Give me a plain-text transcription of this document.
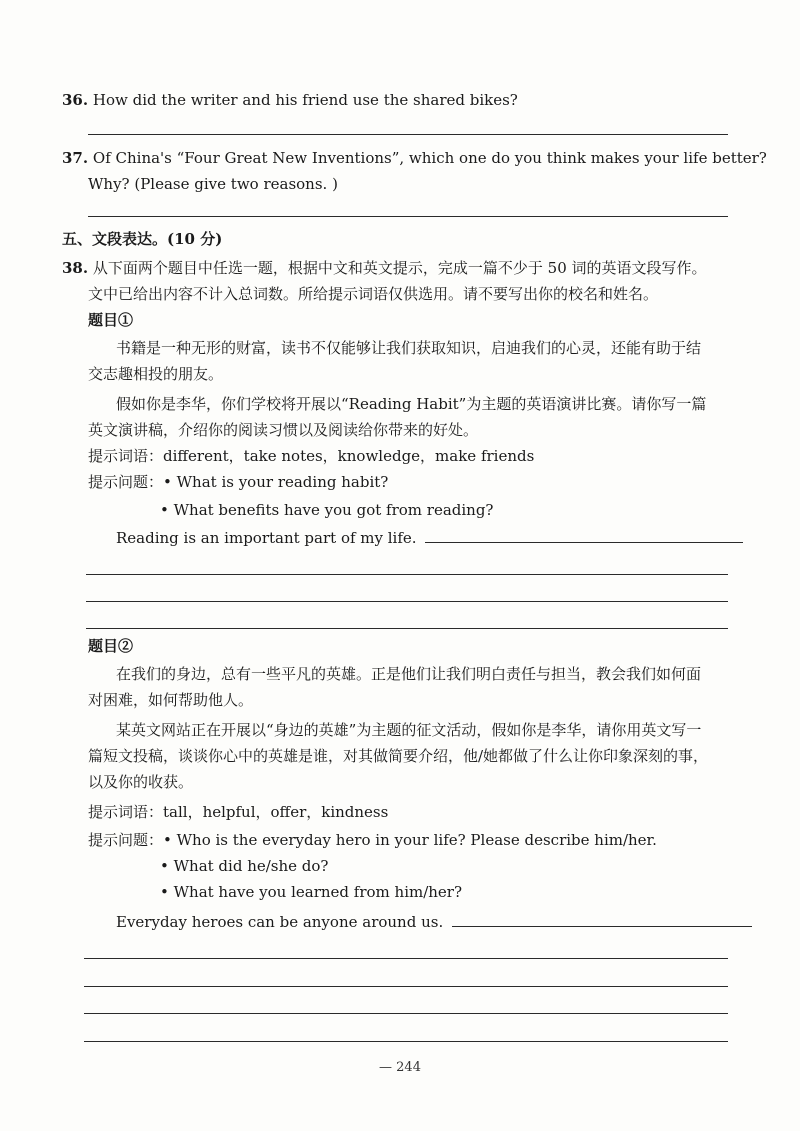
36. How did the writer and his friend use the shared bikes?
37. Of China's “Four Great New Inventions”, which one do you think makes your life better?
Why? (Please give two reasons. )
五、文段表达。(10 分)
38. 从下面两个题目中任选一题，根据中文和英文提示，完成一篇不少于 50 词的英语文段写作。
文中已给出内容不计入总词数。所给提示词语仅供选用。请不要写出你的校名和姓名。
题目①
书籍是一种无形的财富，读书不仅能够让我们获取知识，启迪我们的心灵，还能有助于结
交志趣相投的朋友。
假如你是李华，你们学校将开展以“Reading Habit”为主题的英语演讲比赛。请你写一篇
英文演讲稿，介绍你的阅读习惯以及阅读给你带来的好处。
提示词语：different，take notes，knowledge，make friends
提示问题：• What is your reading habit?
• What benefits have you got from reading?
Reading is an important part of my life.
题目②
在我们的身边，总有一些平凡的英雄。正是他们让我们明白责任与担当，教会我们如何面
对困难，如何帮助他人。
某英文网站正在开展以“身边的英雄”为主题的征文活动，假如你是李华，请你用英文写一
篇短文投稿，谈谈你心中的英雄是谁，对其做简要介绍，他/她都做了什么让你印象深刻的事，
以及你的收获。
提示词语：tall，helpful，offer，kindness
提示问题：• Who is the everyday hero in your life? Please describe him/her.
• What did he/she do?
• What have you learned from him/her?
Everyday heroes can be anyone around us.
— 244
